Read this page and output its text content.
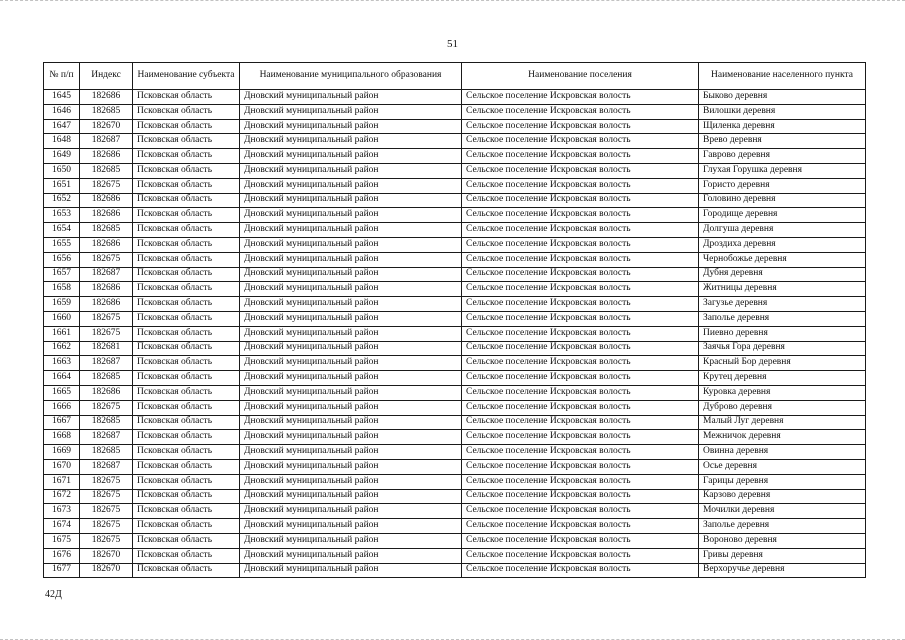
51
№ п/п	Индекс	Наименование субъекта	Наименование муниципального образования	Наименование поселения	Наименование населенного пункта
1645	182686	Псковская область	Дновский муниципальный район	Сельское поселение Искровская волость	Быково деревня
1646	182685	Псковская область	Дновский муниципальный район	Сельское поселение Искровская волость	Вилошки деревня
1647	182670	Псковская область	Дновский муниципальный район	Сельское поселение Искровская волость	Щиленка деревня
1648	182687	Псковская область	Дновский муниципальный район	Сельское поселение Искровская волость	Врево деревня
1649	182686	Псковская область	Дновский муниципальный район	Сельское поселение Искровская волость	Гаврово деревня
1650	182685	Псковская область	Дновский муниципальный район	Сельское поселение Искровская волость	Глухая Горушка деревня
1651	182675	Псковская область	Дновский муниципальный район	Сельское поселение Искровская волость	Гористо деревня
1652	182686	Псковская область	Дновский муниципальный район	Сельское поселение Искровская волость	Головино деревня
1653	182686	Псковская область	Дновский муниципальный район	Сельское поселение Искровская волость	Городище деревня
1654	182685	Псковская область	Дновский муниципальный район	Сельское поселение Искровская волость	Долгуша деревня
1655	182686	Псковская область	Дновский муниципальный район	Сельское поселение Искровская волость	Дроздиха деревня
1656	182675	Псковская область	Дновский муниципальный район	Сельское поселение Искровская волость	Чернобожье деревня
1657	182687	Псковская область	Дновский муниципальный район	Сельское поселение Искровская волость	Дубня деревня
1658	182686	Псковская область	Дновский муниципальный район	Сельское поселение Искровская волость	Житницы деревня
1659	182686	Псковская область	Дновский муниципальный район	Сельское поселение Искровская волость	Загузье деревня
1660	182675	Псковская область	Дновский муниципальный район	Сельское поселение Искровская волость	Заполье деревня
1661	182675	Псковская область	Дновский муниципальный район	Сельское поселение Искровская волость	Пиевно деревня
1662	182681	Псковская область	Дновский муниципальный район	Сельское поселение Искровская волость	Заячья Гора деревня
1663	182687	Псковская область	Дновский муниципальный район	Сельское поселение Искровская волость	Красный Бор деревня
1664	182685	Псковская область	Дновский муниципальный район	Сельское поселение Искровская волость	Крутец деревня
1665	182686	Псковская область	Дновский муниципальный район	Сельское поселение Искровская волость	Куровка деревня
1666	182675	Псковская область	Дновский муниципальный район	Сельское поселение Искровская волость	Дуброво деревня
1667	182685	Псковская область	Дновский муниципальный район	Сельское поселение Искровская волость	Малый Луг деревня
1668	182687	Псковская область	Дновский муниципальный район	Сельское поселение Искровская волость	Межничок деревня
1669	182685	Псковская область	Дновский муниципальный район	Сельское поселение Искровская волость	Овинна деревня
1670	182687	Псковская область	Дновский муниципальный район	Сельское поселение Искровская волость	Осье деревня
1671	182675	Псковская область	Дновский муниципальный район	Сельское поселение Искровская волость	Гарицы деревня
1672	182675	Псковская область	Дновский муниципальный район	Сельское поселение Искровская волость	Карзово деревня
1673	182675	Псковская область	Дновский муниципальный район	Сельское поселение Искровская волость	Мочилки деревня
1674	182675	Псковская область	Дновский муниципальный район	Сельское поселение Искровская волость	Заполье деревня
1675	182675	Псковская область	Дновский муниципальный район	Сельское поселение Искровская волость	Вороново деревня
1676	182670	Псковская область	Дновский муниципальный район	Сельское поселение Искровская волость	Гривы деревня
1677	182670	Псковская область	Дновский муниципальный район	Сельское поселение Искровская волость	Верхоручье деревня
42Д
